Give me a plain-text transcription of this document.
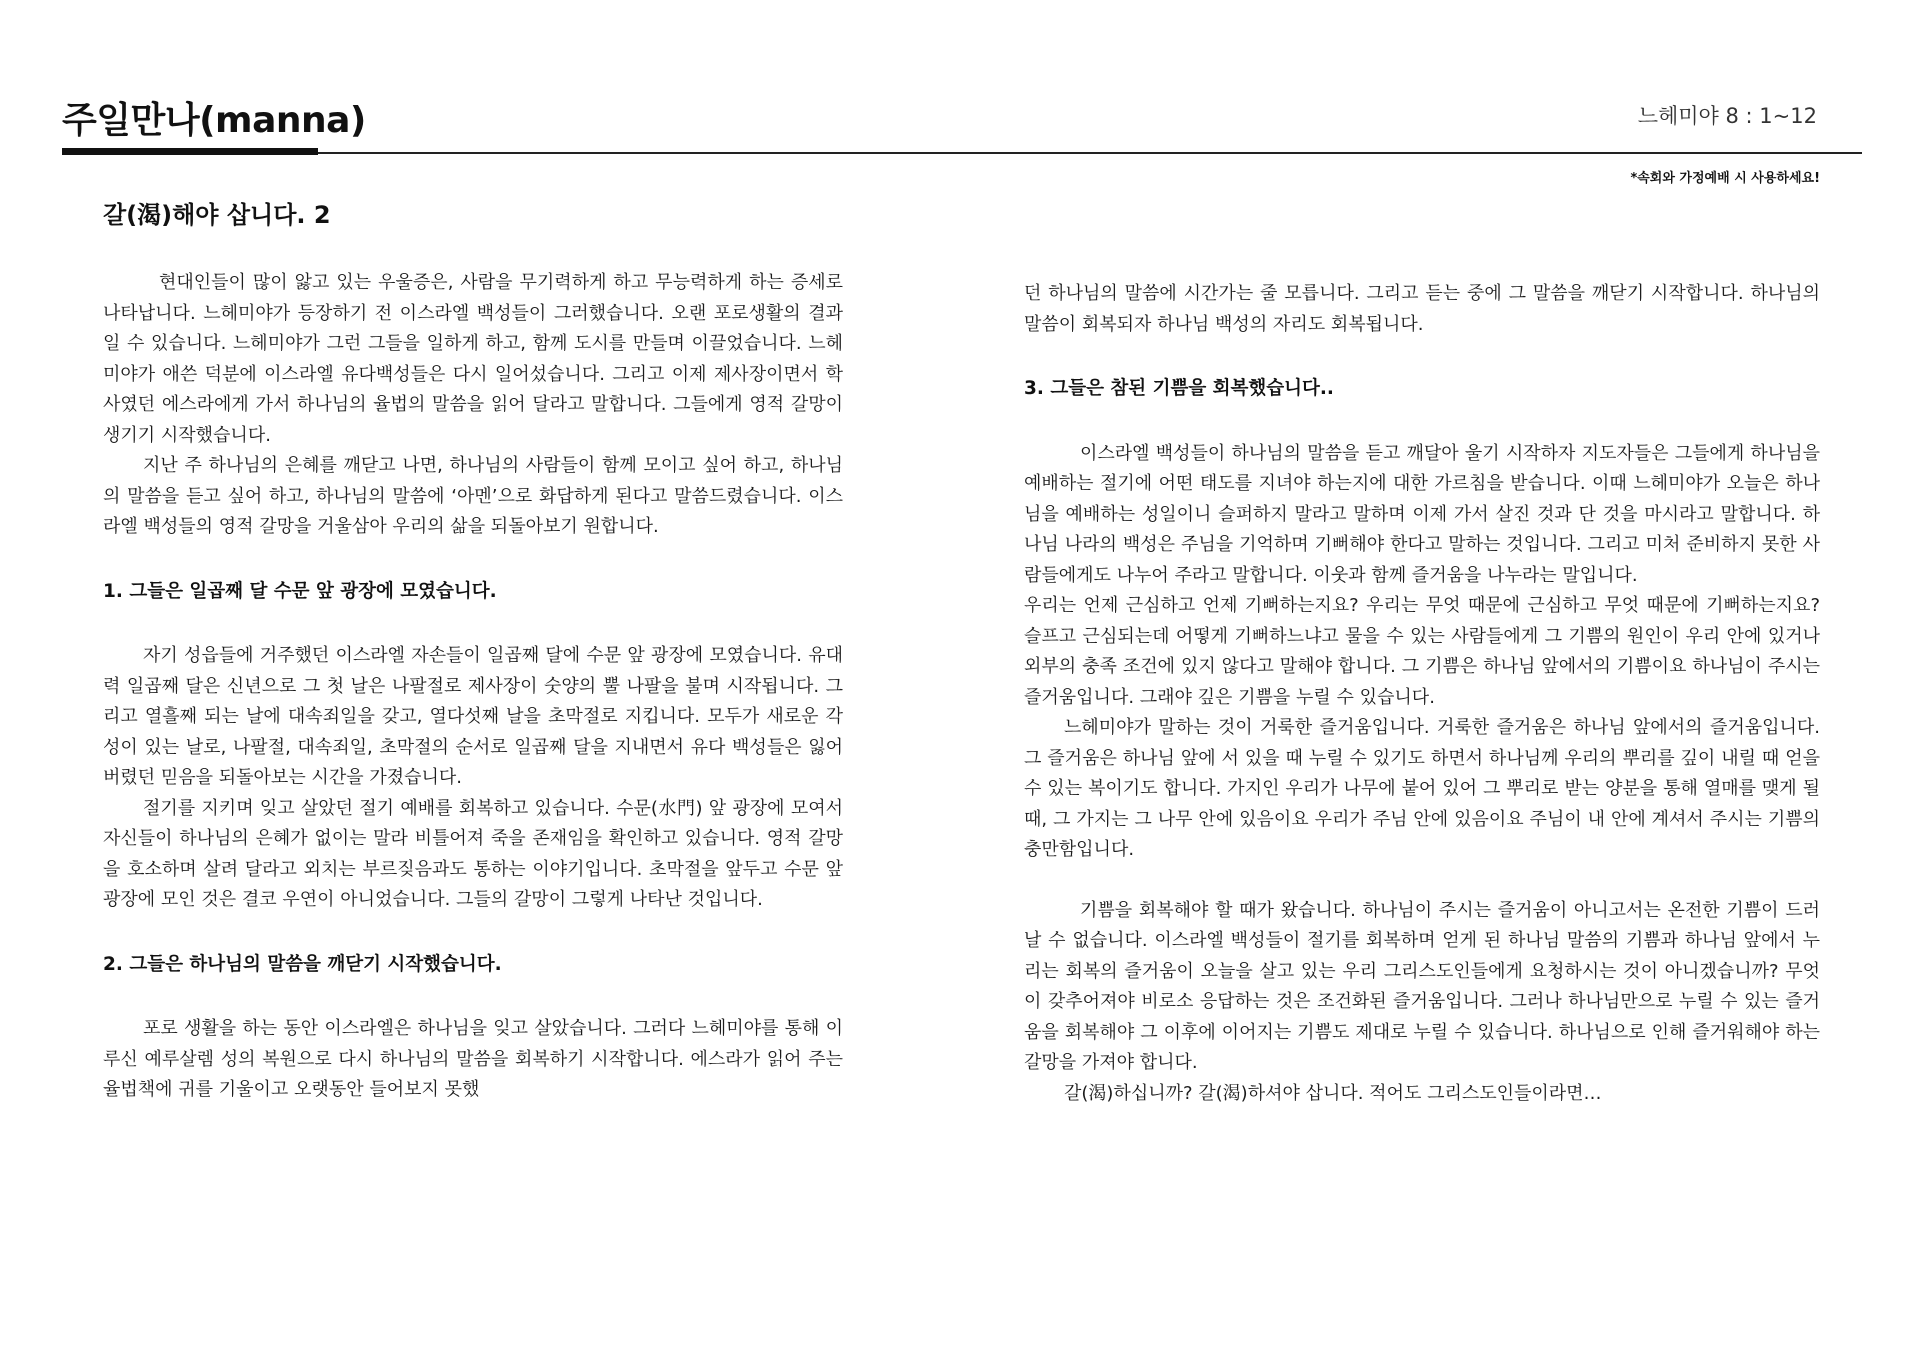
주일만나(manna)	느헤미야 8 : 1~12
*속회와 가정예배 시 사용하세요!
갈(渴)해야 삽니다. 2

현대인들이 많이 앓고 있는 우울증은, 사람을 무기력하게 하고 무능력하게 하는 증세로 나타납니다. 느헤미야가 등장하기 전 이스라엘 백성들이 그러했습니다. 오랜 포로생활의 결과일 수 있습니다. 느헤미야가 그런 그들을 일하게 하고, 함께 도시를 만들며 이끌었습니다. 느헤미야가 애쓴 덕분에 이스라엘 유다백성들은 다시 일어섰습니다. 그리고 이제 제사장이면서 학사였던 에스라에게 가서 하나님의 율법의 말씀을 읽어 달라고 말합니다. 그들에게 영적 갈망이 생기기 시작했습니다.

지난 주 하나님의 은혜를 깨닫고 나면, 하나님의 사람들이 함께 모이고 싶어 하고, 하나님의 말씀을 듣고 싶어 하고, 하나님의 말씀에 ‘아멘’으로 화답하게 된다고 말씀드렸습니다. 이스라엘 백성들의 영적 갈망을 거울삼아 우리의 삶을 되돌아보기 원합니다.

1. 그들은 일곱째 달 수문 앞 광장에 모였습니다.

자기 성읍들에 거주했던 이스라엘 자손들이 일곱째 달에 수문 앞 광장에 모였습니다. 유대력 일곱째 달은 신년으로 그 첫 날은 나팔절로 제사장이 숫양의 뿔 나팔을 불며 시작됩니다. 그리고 열흘째 되는 날에 대속죄일을 갖고, 열다섯째 날을 초막절로 지킵니다. 모두가 새로운 각성이 있는 날로, 나팔절, 대속죄일, 초막절의 순서로 일곱째 달을 지내면서 유다 백성들은 잃어버렸던 믿음을 되돌아보는 시간을 가졌습니다.

절기를 지키며 잊고 살았던 절기 예배를 회복하고 있습니다. 수문(水門) 앞 광장에 모여서 자신들이 하나님의 은혜가 없이는 말라 비틀어져 죽을 존재임을 확인하고 있습니다. 영적 갈망을 호소하며 살려 달라고 외치는 부르짖음과도 통하는 이야기입니다. 초막절을 앞두고 수문 앞 광장에 모인 것은 결코 우연이 아니었습니다. 그들의 갈망이 그렇게 나타난 것입니다.

2. 그들은 하나님의 말씀을 깨닫기 시작했습니다.

포로 생활을 하는 동안 이스라엘은 하나님을 잊고 살았습니다. 그러다 느헤미야를 통해 이루신 예루살렘 성의 복원으로 다시 하나님의 말씀을 회복하기 시작합니다. 에스라가 읽어 주는 율법책에 귀를 기울이고 오랫동안 들어보지 못했

던 하나님의 말씀에 시간가는 줄 모릅니다. 그리고 듣는 중에 그 말씀을 깨닫기 시작합니다. 하나님의 말씀이 회복되자 하나님 백성의 자리도 회복됩니다.

3. 그들은 참된 기쁨을 회복했습니다..

이스라엘 백성들이 하나님의 말씀을 듣고 깨달아 울기 시작하자 지도자들은 그들에게 하나님을 예배하는 절기에 어떤 태도를 지녀야 하는지에 대한 가르침을 받습니다. 이때 느헤미야가 오늘은 하나님을 예배하는 성일이니 슬퍼하지 말라고 말하며 이제 가서 살진 것과 단 것을 마시라고 말합니다. 하나님 나라의 백성은 주님을 기억하며 기뻐해야 한다고 말하는 것입니다. 그리고 미처 준비하지 못한 사람들에게도 나누어 주라고 말합니다. 이웃과 함께 즐거움을 나누라는 말입니다.

우리는 언제 근심하고 언제 기뻐하는지요? 우리는 무엇 때문에 근심하고 무엇 때문에 기뻐하는지요? 슬프고 근심되는데 어떻게 기뻐하느냐고 물을 수 있는 사람들에게 그 기쁨의 원인이 우리 안에 있거나 외부의 충족 조건에 있지 않다고 말해야 합니다. 그 기쁨은 하나님 앞에서의 기쁨이요 하나님이 주시는 즐거움입니다. 그래야 깊은 기쁨을 누릴 수 있습니다.

느헤미야가 말하는 것이 거룩한 즐거움입니다. 거룩한 즐거움은 하나님 앞에서의 즐거움입니다. 그 즐거움은 하나님 앞에 서 있을 때 누릴 수 있기도 하면서 하나님께 우리의 뿌리를 깊이 내릴 때 얻을 수 있는 복이기도 합니다. 가지인 우리가 나무에 붙어 있어 그 뿌리로 받는 양분을 통해 열매를 맺게 될 때, 그 가지는 그 나무 안에 있음이요 우리가 주님 안에 있음이요 주님이 내 안에 계셔서 주시는 기쁨의 충만함입니다.

기쁨을 회복해야 할 때가 왔습니다. 하나님이 주시는 즐거움이 아니고서는 온전한 기쁨이 드러날 수 없습니다. 이스라엘 백성들이 절기를 회복하며 얻게 된 하나님 말씀의 기쁨과 하나님 앞에서 누리는 회복의 즐거움이 오늘을 살고 있는 우리 그리스도인들에게 요청하시는 것이 아니겠습니까? 무엇이 갖추어져야 비로소 응답하는 것은 조건화된 즐거움입니다. 그러나 하나님만으로 누릴 수 있는 즐거움을 회복해야 그 이후에 이어지는 기쁨도 제대로 누릴 수 있습니다. 하나님으로 인해 즐거워해야 하는 갈망을 가져야 합니다.

갈(渴)하십니까? 갈(渴)하셔야 삽니다. 적어도 그리스도인들이라면…
